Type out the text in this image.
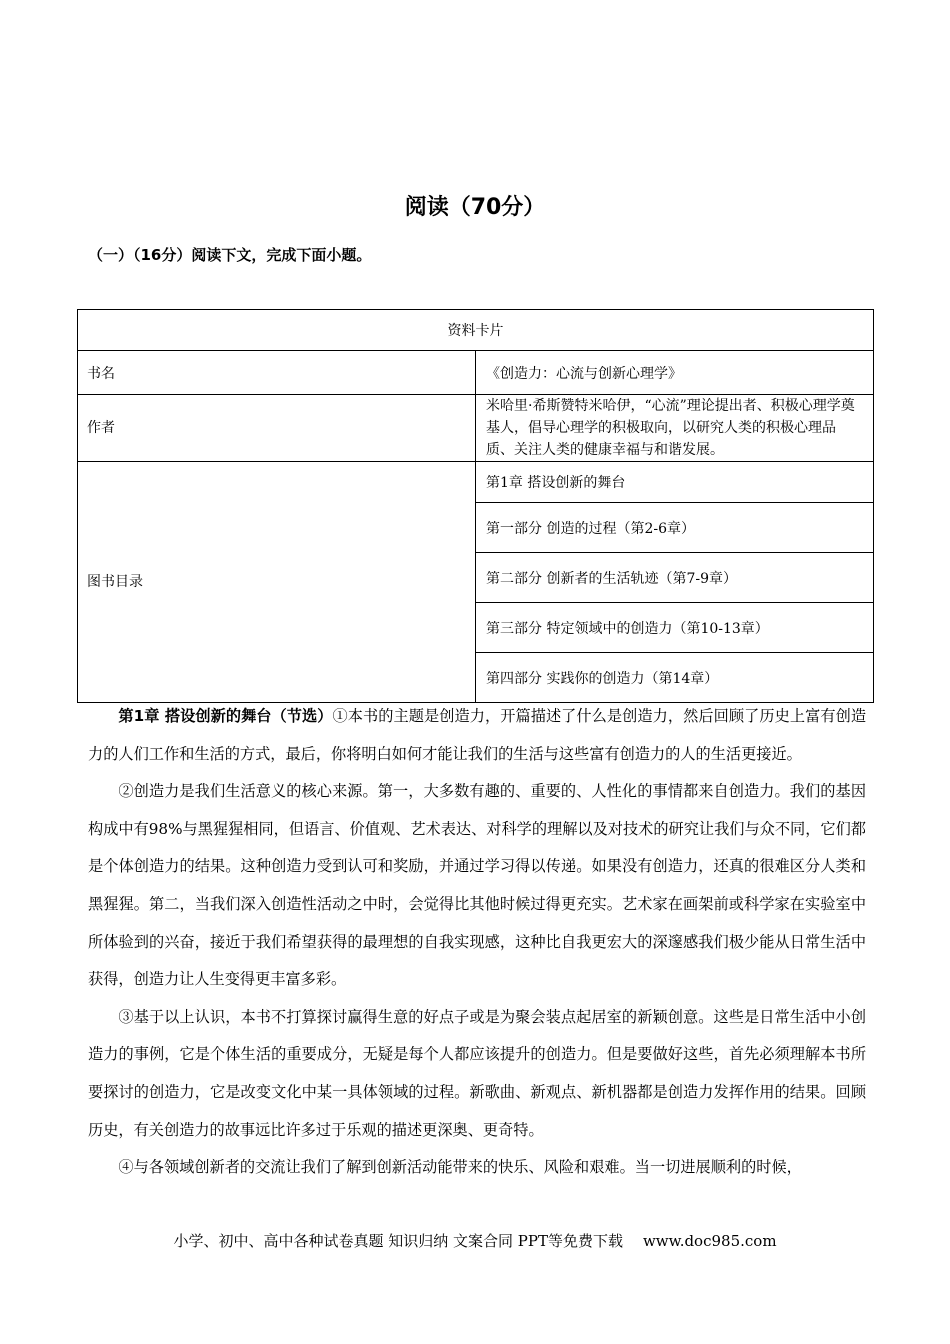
阅读（70分）
（一）（16分）阅读下文，完成下面小题。
资料卡片	
书名	《创造力：心流与创新心理学》
作者	米哈里·希斯赞特米哈伊，“心流”理论提出者、积极心理学奠基人，倡导心理学的积极取向，以研究人类的积极心理品质、关注人类的健康幸福与和谐发展。
图书目录	第1章 搭设创新的舞台
	第一部分 创造的过程（第2-6章）
	第二部分 创新者的生活轨迹（第7-9章）
	第三部分 特定领域中的创造力（第10-13章）
	第四部分 实践你的创造力（第14章）

第1章 搭设创新的舞台（节选）①本书的主题是创造力，开篇描述了什么是创造力，然后回顾了历史上富有创造力的人们工作和生活的方式，最后，你将明白如何才能让我们的生活与这些富有创造力的人的生活更接近。

②创造力是我们生活意义的核心来源。第一，大多数有趣的、重要的、人性化的事情都来自创造力。我们的基因构成中有98%与黑猩猩相同，但语言、价值观、艺术表达、对科学的理解以及对技术的研究让我们与众不同，它们都是个体创造力的结果。这种创造力受到认可和奖励，并通过学习得以传递。如果没有创造力，还真的很难区分人类和黑猩猩。第二，当我们深入创造性活动之中时，会觉得比其他时候过得更充实。艺术家在画架前或科学家在实验室中所体验到的兴奋，接近于我们希望获得的最理想的自我实现感，这种比自我更宏大的深邃感我们极少能从日常生活中获得，创造力让人生变得更丰富多彩。

③基于以上认识，本书不打算探讨赢得生意的好点子或是为聚会装点起居室的新颖创意。这些是日常生活中小创造力的事例，它是个体生活的重要成分，无疑是每个人都应该提升的创造力。但是要做好这些，首先必须理解本书所要探讨的创造力，它是改变文化中某一具体领域的过程。新歌曲、新观点、新机器都是创造力发挥作用的结果。回顾历史，有关创造力的故事远比许多过于乐观的描述更深奥、更奇特。

④与各领域创新者的交流让我们了解到创新活动能带来的快乐、风险和艰难。当一切进展顺利的时候，

小学、初中、高中各种试卷真题 知识归纳 文案合同 PPT等免费下载 www.doc985.com
